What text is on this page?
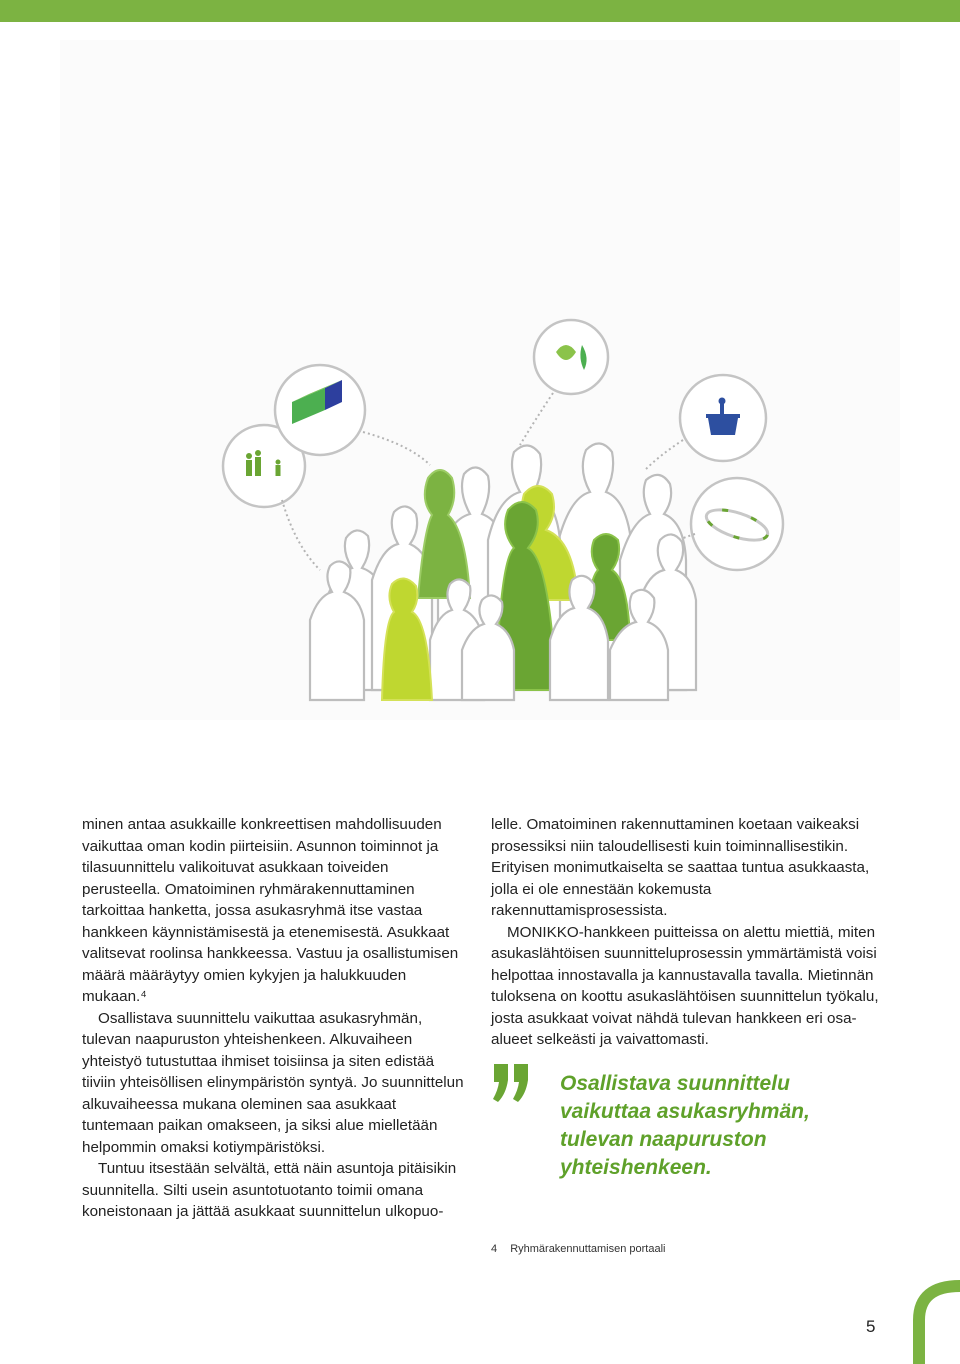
minen antaa asukkaille konkreettisen mahdollisuuden vaikuttaa oman kodin piirteisiin. Asunnon toiminnot ja tilasuunnittelu valikoituvat asukkaan toiveiden perusteella. Omatoiminen ryhmärakennuttaminen tarkoittaa hanketta, jossa asukasryhmä itse vastaa hankkeen käynnistämisestä ja etenemisestä. Asukkaat valitsevat roolinsa hankkeessa. Vastuu ja osallistumisen määrä määräytyy omien kykyjen ja halukkuuden mukaan.⁴

Osallistava suunnittelu vaikuttaa asukasryhmän, tulevan naapuruston yhteishenkeen. Alkuvaiheen yhteistyö tutustuttaa ihmiset toisiinsa ja siten edistää tiiviin yhteisöllisen elinympäristön syntyä. Jo suunnittelun alkuvaiheessa mukana oleminen saa asukkaat tuntemaan paikan omakseen, ja siksi alue mielletään helpommin omaksi kotiympäristöksi.

Tuntuu itsestään selvältä, että näin asuntoja pitäisikin suunnitella. Silti usein asuntotuotanto toimii omana koneistonaan ja jättää asukkaat suunnittelun ulkopuo-

lelle. Omatoiminen rakennuttaminen koetaan vaikeaksi prosessiksi niin taloudellisesti kuin toiminnallisestikin. Erityisen monimutkaiselta se saattaa tuntua asukkaasta, jolla ei ole ennestään kokemusta rakennuttamisprosessista.

MONIKKO-hankkeen puitteissa on alettu miettiä, miten asukaslähtöisen suunnitteluprosessin ymmärtämistä voisi helpottaa innostavalla ja kannustavalla tavalla. Mietinnän tuloksena on koottu asukaslähtöisen suunnittelun työkalu, josta asukkaat voivat nähdä tulevan hankkeen eri osa-alueet selkeästi ja vaivattomasti.

Osallistava suunnittelu
vaikuttaa asukasryhmän,
tulevan naapuruston
yhteishenkeen.
4 Ryhmärakennuttamisen portaali
5
